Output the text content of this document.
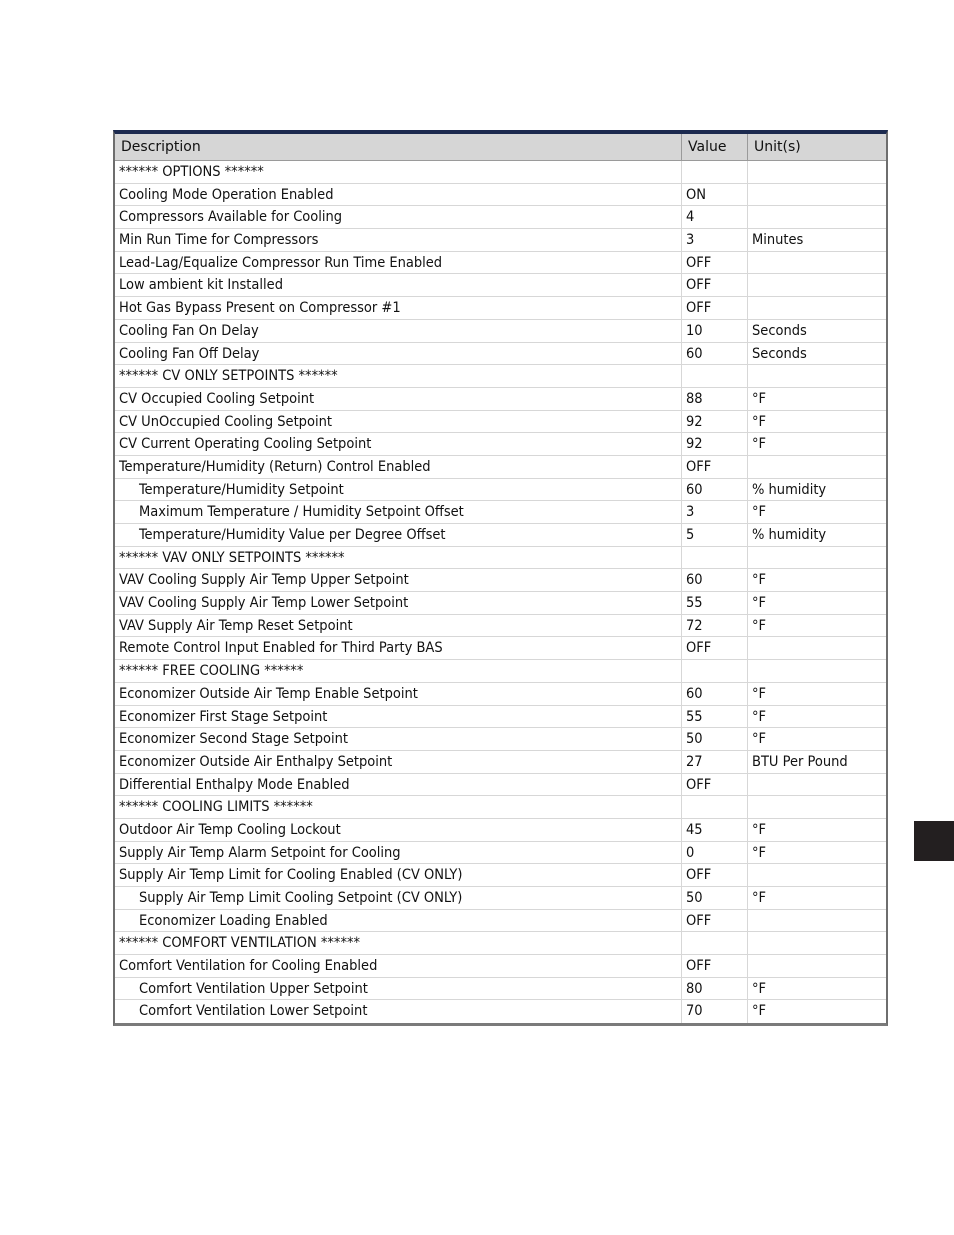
Description	Value	Unit(s)
****** OPTIONS ******
Cooling Mode Operation Enabled	ON
Compressors Available for Cooling	4
Min Run Time for Compressors	3	Minutes
Lead-Lag/Equalize Compressor Run Time Enabled	OFF
Low ambient kit Installed	OFF
Hot Gas Bypass Present on Compressor #1	OFF
Cooling Fan On Delay	10	Seconds
Cooling Fan Off Delay	60	Seconds
****** CV ONLY SETPOINTS ******
CV Occupied Cooling Setpoint	88	°F
CV UnOccupied Cooling Setpoint	92	°F
CV Current Operating Cooling Setpoint	92	°F
Temperature/Humidity (Return) Control Enabled	OFF
Temperature/Humidity Setpoint	60	% humidity
Maximum Temperature / Humidity Setpoint Offset	3	°F
Temperature/Humidity Value per Degree Offset	5	% humidity
****** VAV ONLY SETPOINTS ******
VAV Cooling Supply Air Temp Upper Setpoint	60	°F
VAV Cooling Supply Air Temp Lower Setpoint	55	°F
VAV Supply Air Temp Reset Setpoint	72	°F
Remote Control Input Enabled for Third Party BAS	OFF
****** FREE COOLING ******
Economizer Outside Air Temp Enable Setpoint	60	°F
Economizer First Stage Setpoint	55	°F
Economizer Second Stage Setpoint	50	°F
Economizer Outside Air Enthalpy Setpoint	27	BTU Per Pound
Differential Enthalpy Mode Enabled	OFF
****** COOLING LIMITS ******
Outdoor Air Temp Cooling Lockout	45	°F
Supply Air Temp Alarm Setpoint for Cooling	0	°F
Supply Air Temp Limit for Cooling Enabled (CV ONLY)	OFF
Supply Air Temp Limit Cooling Setpoint (CV ONLY)	50	°F
Economizer Loading Enabled	OFF
****** COMFORT VENTILATION ******
Comfort Ventilation for Cooling Enabled	OFF
Comfort Ventilation Upper Setpoint	80	°F
Comfort Ventilation Lower Setpoint	70	°F
